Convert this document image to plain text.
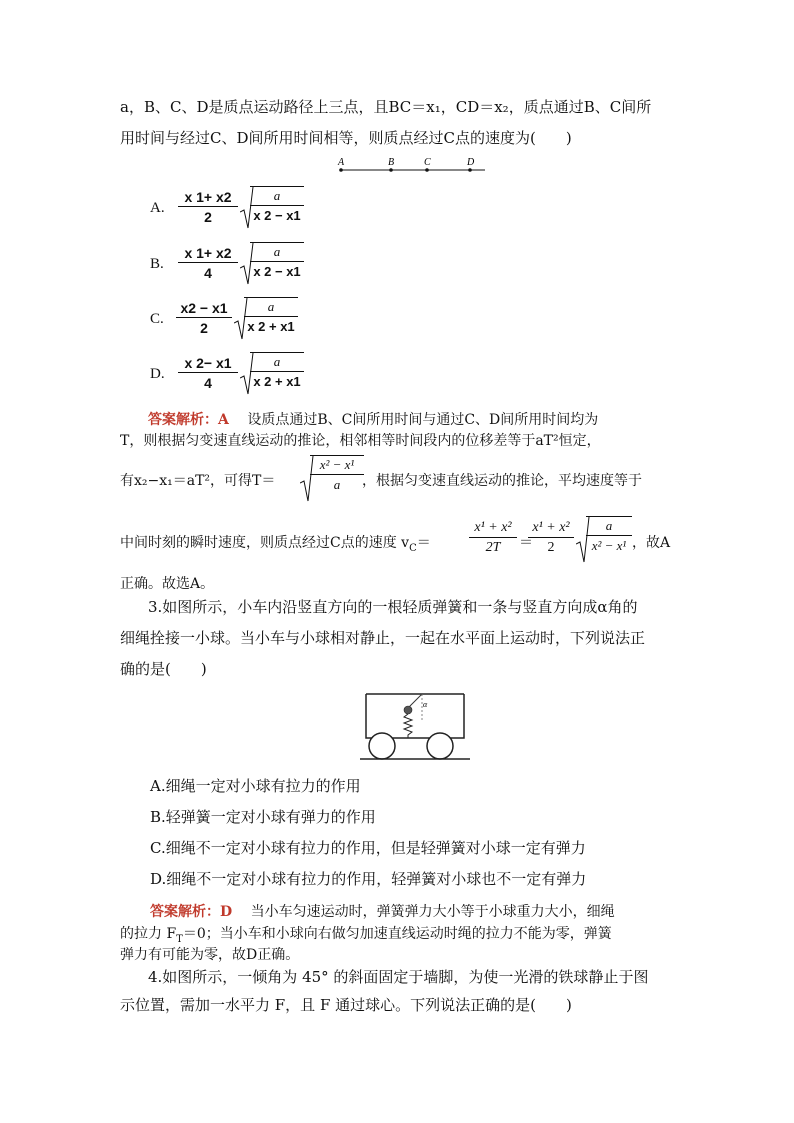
a，B、C、D是质点运动路径上三点，且BC＝x₁，CD＝x₂，质点通过B、C间所
用时间与经过C、D间所用时间相等，则质点经过C点的速度为(　　)
A	B	C	D
A. $\frac{x 1+ x2}{2}$	a
x 2 − x1
B. $\frac{x 1+ x2}{4}$	a
x 2 − x1
C. $\frac{x2 - x1}{2}$	a
x 2 + x1
D. $\frac{x 2- x1}{4}$	a
x 2 + x1
答案解析：A 设质点通过B、C间所用时间与通过C、D间所用时间均为
T，则根据匀变速直线运动的推论，相邻相等时间段内的位移差等于aT²恒定，
有x₂−x₁＝aT²，可得T＝
x² − x¹
a	，根据匀变速直线运动的推论，平均速度等于
中间时刻的瞬时速度，则质点经过C点的速度 $v_C=$	$\frac{\text{x¹ + x²}}{2T}$ ＝
$\frac{\text{x¹ + x²}}{2}$	a
x² − x¹ ，故A
正确。故选A。
3.如图所示，小车内沿竖直方向的一根轻质弹簧和一条与竖直方向成α角的
细绳拴接一小球。当小车与小球相对静止，一起在水平面上运动时，下列说法正
确的是(　　)
α
A.细绳一定对小球有拉力的作用
B.轻弹簧一定对小球有弹力的作用
C.细绳不一定对小球有拉力的作用，但是轻弹簧对小球一定有弹力
D.细绳不一定对小球有拉力的作用，轻弹簧对小球也不一定有弹力
答案解析：D 当小车匀速运动时，弹簧弹力大小等于小球重力大小，细绳
的拉力 $F_T=0$；当小车和小球向右做匀加速直线运动时绳的拉力不能为零，弹簧
弹力有可能为零，故D正确。
4.如图所示，一倾角为 45° 的斜面固定于墙脚，为使一光滑的铁球静止于图
示位置，需加一水平力 F，且 F 通过球心。下列说法正确的是(　　)
